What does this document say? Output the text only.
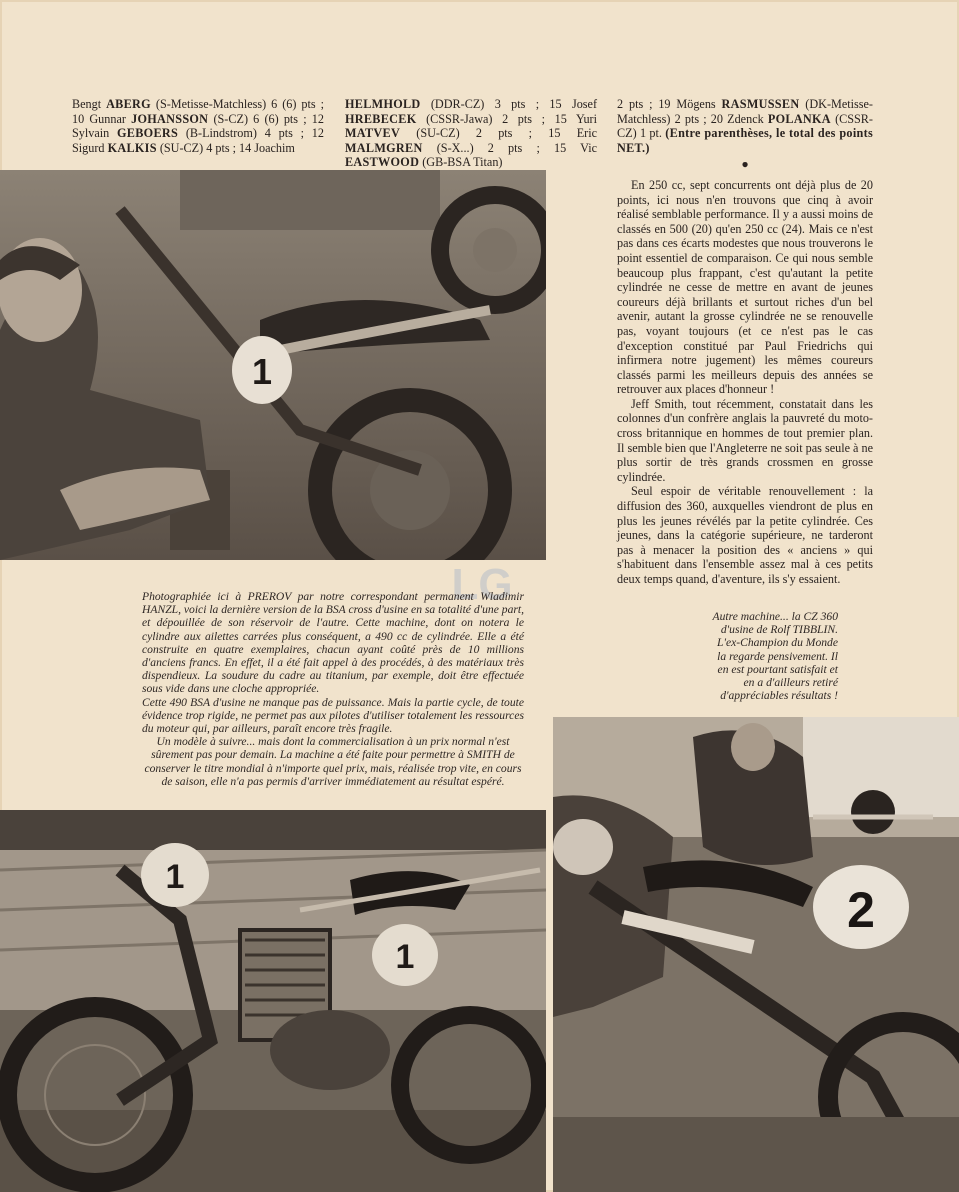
Bengt ABERG (S-Metisse-Matchless) 6 (6) pts ; 10 Gunnar JOHANSSON (S-CZ) 6 (6) pts ; 12 Sylvain GEBOERS (B-Lindstrom) 4 pts ; 12 Sigurd KALKIS (SU-CZ) 4 pts ; 14 Joachim

HELMHOLD (DDR-CZ) 3 pts ; 15 Josef HREBECEK (CSSR-Jawa) 2 pts ; 15 Yuri MATVEV (SU-CZ) 2 pts ; 15 Eric MALMGREN (S-X...) 2 pts ; 15 Vic EASTWOOD (GB-BSA Titan)

2 pts ; 19 Mögens RASMUSSEN (DK-Metisse-Matchless) 2 pts ; 20 Zdenck POLANKA (CSSR-CZ) 1 pt. (Entre parenthèses, le total des points NET.)

●

En 250 cc, sept concurrents ont déjà plus de 20 points, ici nous n'en trouvons que cinq à avoir réalisé semblable performance. Il y a aussi moins de classés en 500 (20) qu'en 250 cc (24). Mais ce n'est pas dans ces écarts modestes que nous trouverons le point essentiel de comparaison. Ce qui nous semble beaucoup plus frappant, c'est qu'autant la petite cylindrée ne cesse de mettre en avant de jeunes coureurs déjà brillants et surtout riches d'un bel avenir, autant la grosse cylindrée ne se renouvelle pas, voyant toujours (et ce n'est pas le cas d'exception constitué par Paul Friedrichs qui infirmera notre jugement) les mêmes coureurs classés parmi les meilleurs depuis des années se retrouver aux places d'honneur !

Jeff Smith, tout récemment, constatait dans les colonnes d'un confrère anglais la pauvreté du moto-cross britannique en hommes de tout premier plan. Il semble bien que l'Angleterre ne soit pas seule à ne plus sortir de très grands crossmen en grosse cylindrée.

Seul espoir de véritable renouvellement : la diffusion des 360, auxquelles viendront de plus en plus les jeunes révélés par la petite cylindrée. Ces jeunes, dans la catégorie supérieure, ne tarderont pas à menacer la position des « anciens » qui s'habituent dans l'ensemble assez mal à ces petits deux temps quand, d'aventure, ils s'y essaient.

1
LG

Photographiée ici à PREROV par notre correspondant permanent Wladimir HANZL, voici la dernière version de la BSA cross d'usine en sa totalité d'une part, et dépouillée de son réservoir de l'autre. Cette machine, dont on notera le cylindre aux ailettes carrées plus conséquent, a 490 cc de cylindrée. Elle a été construite en quatre exemplaires, chacun ayant coûté près de 10 millions d'anciens francs. En effet, il a été fait appel à des procédés, à des matériaux très dispendieux. La soudure du cadre au titanium, par exemple, doit être effectuée sous vide dans une cloche appropriée.

Cette 490 BSA d'usine ne manque pas de puissance. Mais la partie cycle, de toute évidence trop rigide, ne permet pas aux pilotes d'utiliser totalement les ressources du moteur qui, par ailleurs, paraît encore très fragile.

Un modèle à suivre... mais dont la commercialisation à un prix normal n'est sûrement pas pour demain. La machine a été faite pour permettre à SMITH de conserver le titre mondial à n'importe quel prix, mais, réalisée trop vite, en cours de saison, elle n'a pas permis d'arriver immédiatement au résultat espéré.

Autre machine... la CZ 360 d'usine de Rolf TIBBLIN. L'ex-Champion du Monde la regarde pensivement. Il en est pourtant satisfait et en a d'ailleurs retiré d'appréciables résultats !
1
1
2
